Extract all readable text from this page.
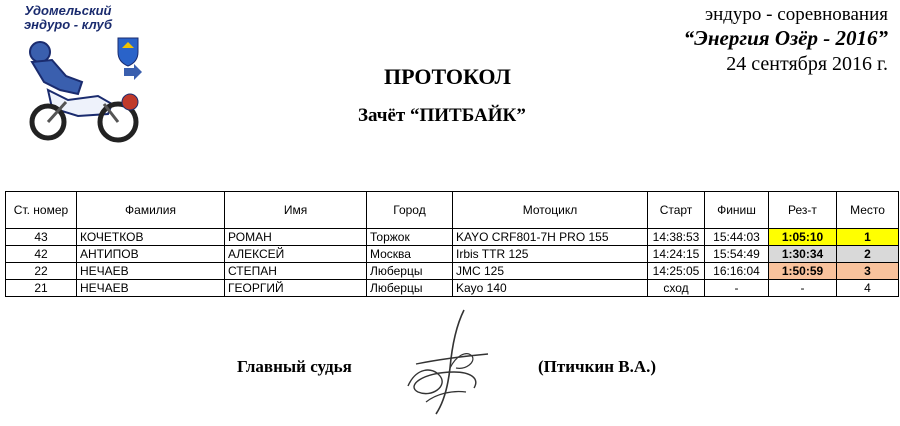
Удомельский
эндуро - клуб	эндуро - соревнования
“Энергия Озёр - 2016”
24 сентября 2016 г.
ПРОТОКОЛ
Зачёт “ПИТБАЙК”
Ст. номер	Фамилия	Имя	Город	Мотоцикл	Старт	Финиш	Рез-т	Место
43	КОЧЕТКОВ	РОМАН	Торжок	KAYO CRF801-7H PRO 155	14:38:53	15:44:03	1:05:10	1
42	АНТИПОВ	АЛЕКСЕЙ	Москва	Irbis TTR 125	14:24:15	15:54:49	1:30:34	2
22	НЕЧАЕВ	СТЕПАН	Люберцы	JMC 125	14:25:05	16:16:04	1:50:59	3
21	НЕЧАЕВ	ГЕОРГИЙ	Люберцы	Kayo 140	сход	-	-	4
Главный судья	(Птичкин В.А.)
